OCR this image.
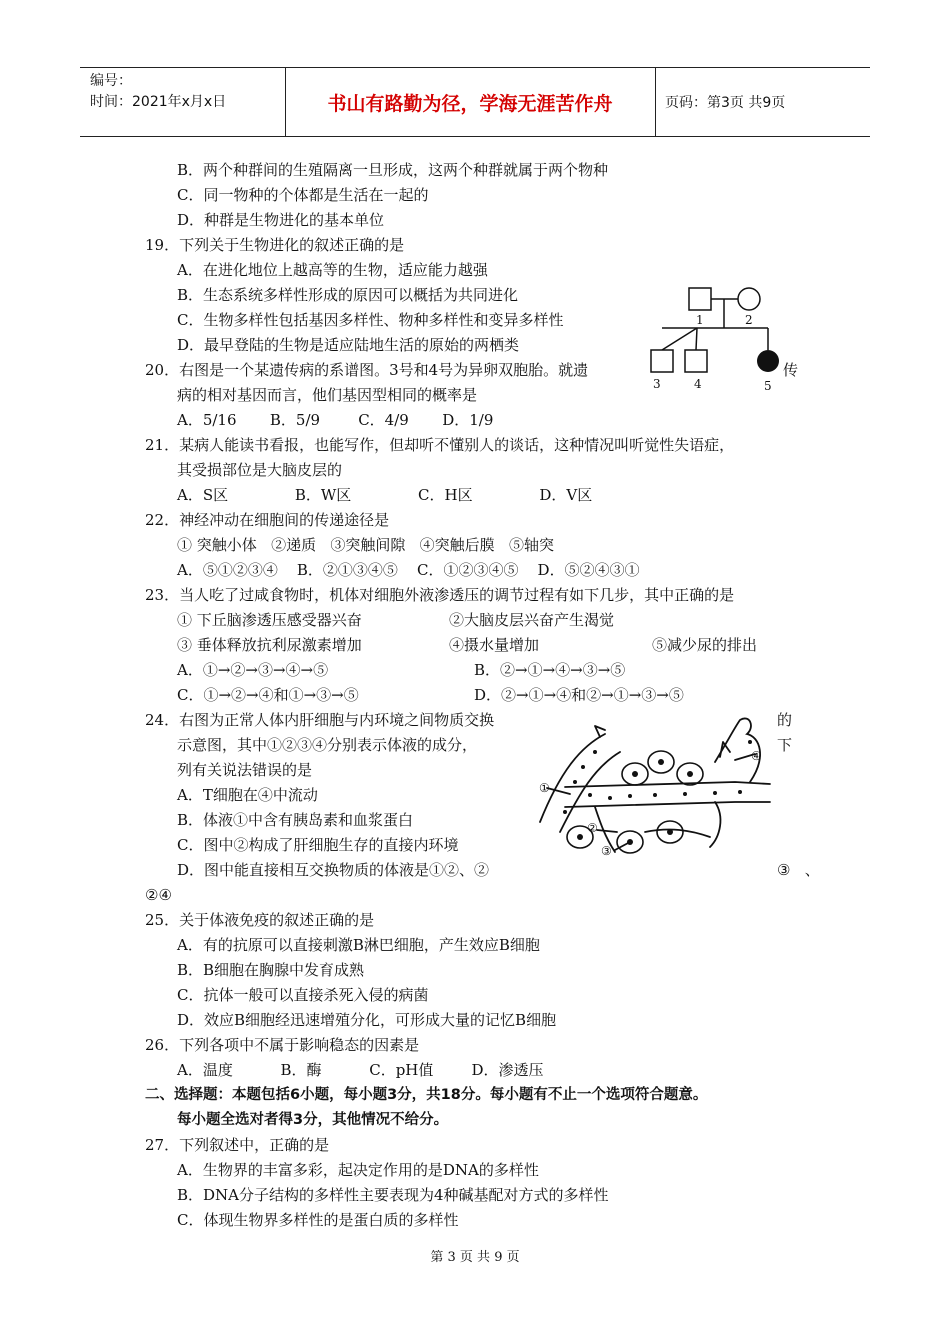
编号：
时间：2021年x月x日	书山有路勤为径，学海无涯苦作舟	页码：第3页 共9页
B．两个种群间的生殖隔离一旦形成，这两个种群就属于两个物种
C．同一物种的个体都是生活在一起的
D．种群是生物进化的基本单位
19．下列关于生物进化的叙述正确的是
A．在进化地位上越高等的生物，适应能力越强
B．生态系统多样性形成的原因可以概括为共同进化
C．生物多样性包括基因多样性、物种多样性和变异多样性
D．最早登陆的生物是适应陆地生活的原始的两栖类
20．右图是一个某遗传病的系谱图。3号和4号为异卵双胞胎。就遗	传
病的相对基因而言，他们基因型相同的概率是
A．5/16       B．5/9        C．4/9       D．1/9
21．某病人能读书看报，也能写作，但却听不懂别人的谈话，这种情况叫听觉性失语症，
其受损部位是大脑皮层的
A．S区              B．W区              C．H区              D．V区
22．神经冲动在细胞间的传递途径是
① 突触小体   ②递质   ③突触间隙   ④突触后膜   ⑤轴突
A．⑤①②③④    B．②①③④⑤    C．①②③④⑤    D．⑤②④③①
23．当人吃了过咸食物时，机体对细胞外液渗透压的调节过程有如下几步，其中正确的是
① 下丘脑渗透压感受器兴奋	②大脑皮层兴奋产生渴觉
③ 垂体释放抗利尿激素增加	④摄水量增加	⑤减少尿的排出
A．①→②→③→④→⑤	B．②→①→④→③→⑤
C．①→②→④和①→③→⑤	D．②→①→④和②→①→③→⑤
24．右图为正常人体内肝细胞与内环境之间物质交换	的
示意图，其中①②③④分别表示体液的成分，	下
列有关说法错误的是
A．T细胞在④中流动
B．体液①中含有胰岛素和血浆蛋白
C．图中②构成了肝细胞生存的直接内环境
D．图中能直接相互交换物质的体液是①②、②	③   、
②④
25．关于体液免疫的叙述正确的是
A．有的抗原可以直接刺激B淋巴细胞，产生效应B细胞
B．B细胞在胸腺中发育成熟
C．抗体一般可以直接杀死入侵的病菌
D．效应B细胞经迅速增殖分化，可形成大量的记忆B细胞
26．下列各项中不属于影响稳态的因素是
A．温度          B．酶          C．pH值        D．渗透压
二、选择题：本题包括6小题，每小题3分，共18分。每小题有不止一个选项符合题意。
每小题全选对者得3分，其他情况不给分。
27．下列叙述中，正确的是
A．生物界的丰富多彩，起决定作用的是DNA的多样性
B．DNA分子结构的多样性主要表现为4种碱基配对方式的多样性
C．体现生物界多样性的是蛋白质的多样性
1	2
3	4	5
①
②
③
④
第 3 页 共 9 页
